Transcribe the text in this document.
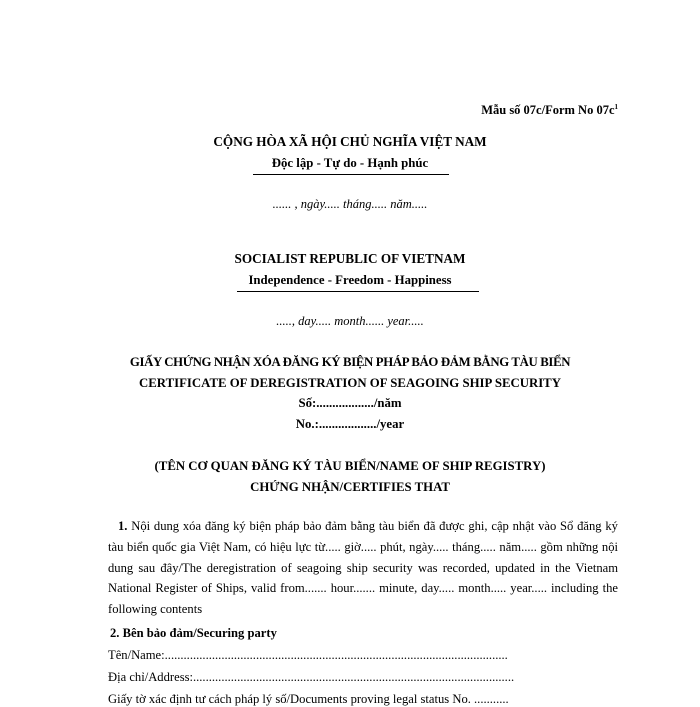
Mẫu số 07c/Form No $07c^1$
CỘNG HÒA XÃ HỘI CHỦ NGHĨA VIỆT NAM
Độc lập - Tự do - Hạnh phúc
...... , ngày..... tháng..... năm.....
SOCIALIST REPUBLIC OF VIETNAM
Independence - Freedom - Happiness
....., day..... month...... year.....
GIẤY CHỨNG NHẬN XÓA ĐĂNG KÝ BIỆN PHÁP BẢO ĐẢM BẰNG TÀU BIỂN
CERTIFICATE OF DEREGISTRATION OF SEAGOING SHIP SECURITY
Số:................../năm
No.:................../year
(TÊN CƠ QUAN ĐĂNG KÝ TÀU BIỂN/NAME OF SHIP REGISTRY)
CHỨNG NHẬN/CERTIFIES THAT
1. Nội dung xóa đăng ký biện pháp bảo đảm bằng tàu biển đã được ghi, cập nhật vào Sổ đăng ký tàu biển quốc gia Việt Nam, có hiệu lực từ..... giờ..... phút, ngày..... tháng..... năm..... gồm những nội dung sau đây/The deregistration of seagoing ship security was recorded, updated in the Vietnam National Register of Ships, valid from....... hour....... minute, day..... month..... year..... including the following contents
2. Bên bảo đảm/Securing party
Tên/Name:.............................................................................................................
Địa chỉ/Address:......................................................................................................
Giấy tờ xác định tư cách pháp lý số/Documents proving legal status No. ...........
